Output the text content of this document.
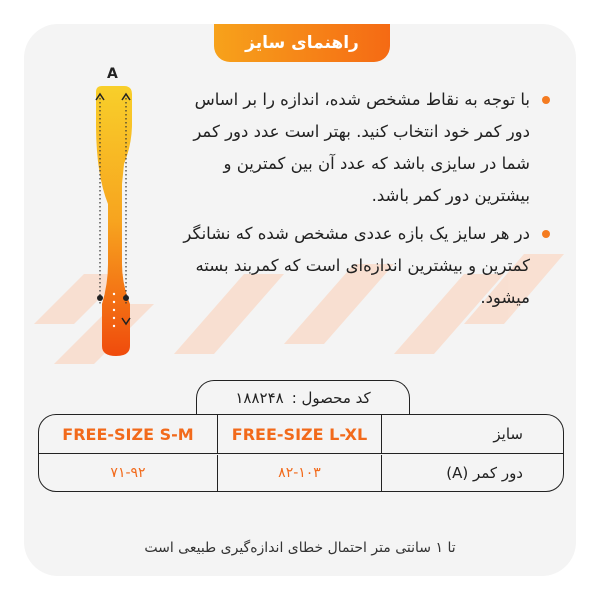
راهنمای سایز
A
با توجه به نقاط مشخص شده، اندازه را بر اساس دور کمر خود انتخاب کنید. بهتر است عدد دور کمر شما در سایزی باشد که عدد آن بین کمترین و بیشترین دور کمر باشد.
در هر سایز یک بازه عددی مشخص شده که نشانگر کمترین و بیشترین اندازه‌ای است که کمربند بسته میشود.
کد محصول :
۱۸۸۲۴۸
FREE-SIZE S-M	FREE-SIZE L-XL	سایز
۷۱-۹۲	۸۲-۱۰۳	دور کمر (A)
تا ۱ سانتی متر احتمال خطای اندازه‌گیری طبیعی است
